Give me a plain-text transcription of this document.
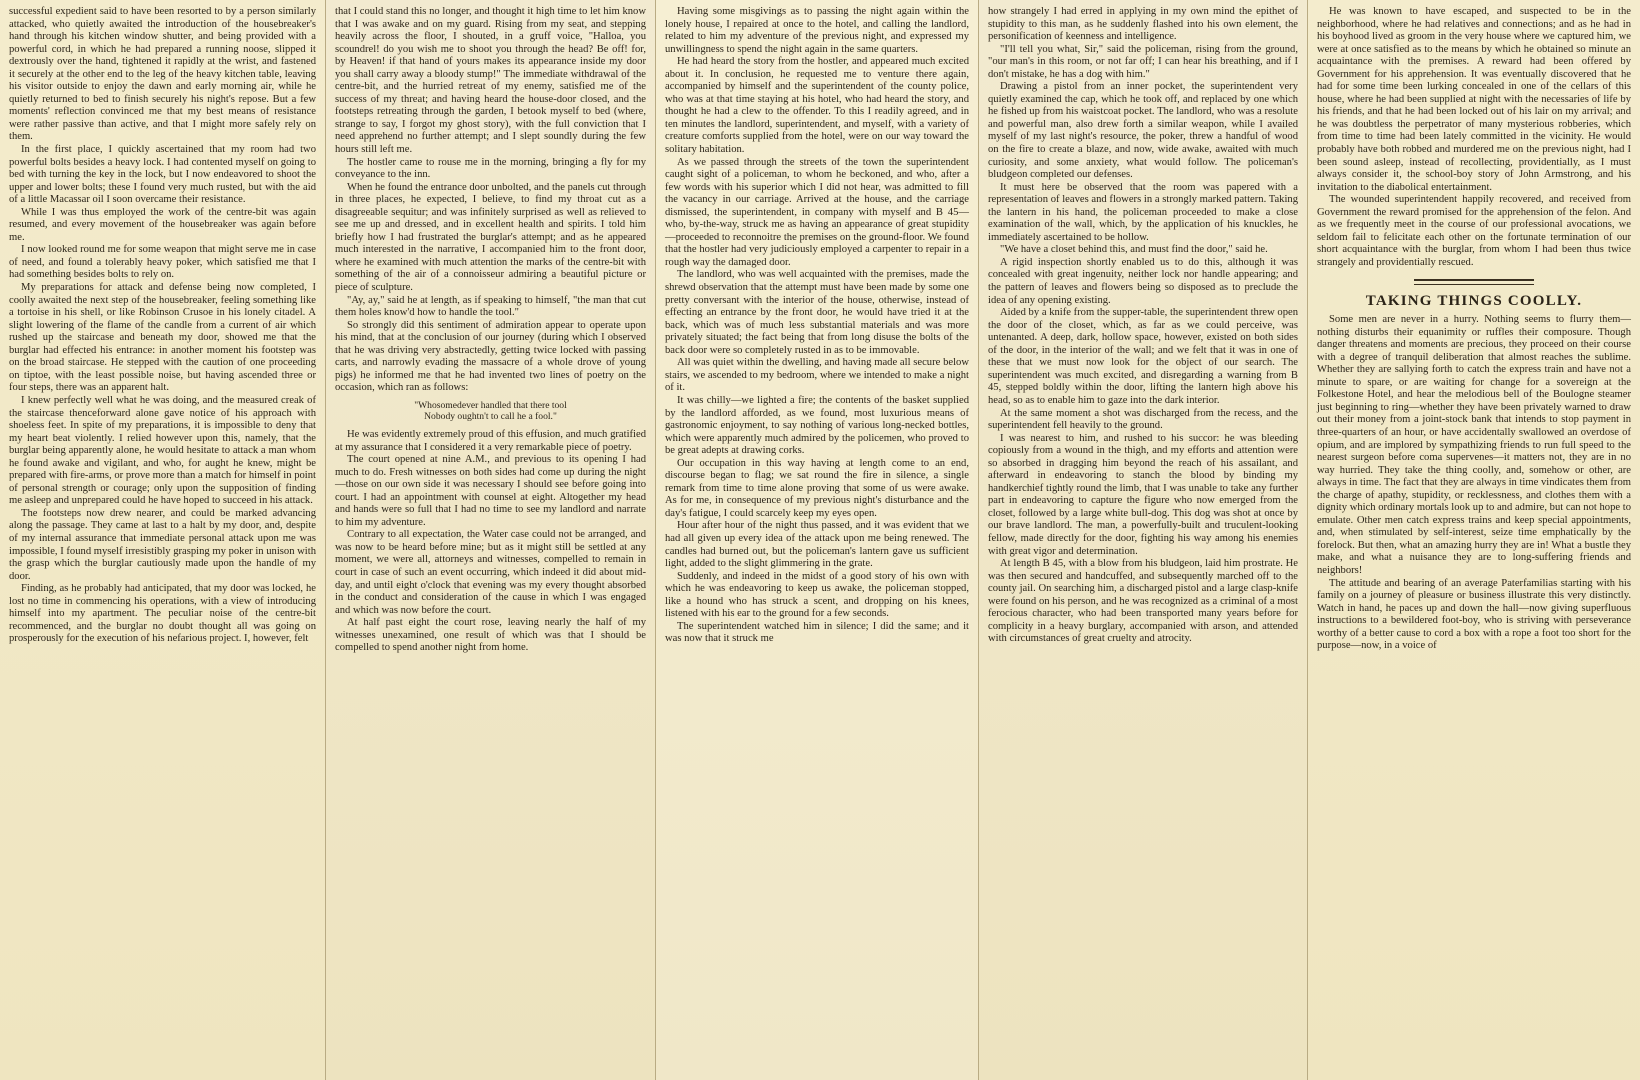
successful expedient said to have been resorted to by a person similarly attacked, who quietly awaited the introduction of the housebreaker's hand through his kitchen window shutter, and being provided with a powerful cord, in which he had prepared a running noose, slipped it dextrously over the hand, tightened it rapidly at the wrist, and fastened it securely at the other end to the leg of the heavy kitchen table, leaving his visitor outside to enjoy the dawn and early morning air, while he quietly returned to bed to finish securely his night's repose. But a few moments' reflection convinced me that my best means of resistance were rather passive than active, and that I might more safely rely on them.

In the first place, I quickly ascertained that my room had two powerful bolts besides a heavy lock. I had contented myself on going to bed with turning the key in the lock, but I now endeavored to shoot the upper and lower bolts; these I found very much rusted, but with the aid of a little Macassar oil I soon overcame their resistance.

While I was thus employed the work of the centre-bit was again resumed, and every movement of the housebreaker was again before me.

I now looked round me for some weapon that might serve me in case of need, and found a tolerably heavy poker, which satisfied me that I had something besides bolts to rely on.

My preparations for attack and defense being now completed, I coolly awaited the next step of the housebreaker, feeling something like a tortoise in his shell, or like Robinson Crusoe in his lonely citadel. A slight lowering of the flame of the candle from a current of air which rushed up the staircase and beneath my door, showed me that the burglar had effected his entrance: in another moment his footstep was on the broad staircase. He stepped with the caution of one proceeding on tiptoe, with the least possible noise, but having ascended three or four steps, there was an apparent halt.

I knew perfectly well what he was doing, and the measured creak of the staircase thenceforward alone gave notice of his approach with shoeless feet. In spite of my preparations, it is impossible to deny that my heart beat violently. I relied however upon this, namely, that the burglar being apparently alone, he would hesitate to attack a man whom he found awake and vigilant, and who, for aught he knew, might be prepared with fire-arms, or prove more than a match for himself in point of personal strength or courage; only upon the supposition of finding me asleep and unprepared could he have hoped to succeed in his attack.

The footsteps now drew nearer, and could be marked advancing along the passage. They came at last to a halt by my door, and, despite of my internal assurance that immediate personal attack upon me was impossible, I found myself irresistibly grasping my poker in unison with the grasp which the burglar cautiously made upon the handle of my door.

Finding, as he probably had anticipated, that my door was locked, he lost no time in commencing his operations, with a view of introducing himself into my apartment. The peculiar noise of the centre-bit recommenced, and the burglar no doubt thought all was going on prosperously for the execution of his nefarious project. I, however, felt

that I could stand this no longer, and thought it high time to let him know that I was awake and on my guard. Rising from my seat, and stepping heavily across the floor, I shouted, in a gruff voice, "Halloa, you scoundrel! do you wish me to shoot you through the head? Be off! for, by Heaven! if that hand of yours makes its appearance inside my door you shall carry away a bloody stump!" The immediate withdrawal of the centre-bit, and the hurried retreat of my enemy, satisfied me of the success of my threat; and having heard the house-door closed, and the footsteps retreating through the garden, I betook myself to bed (where, strange to say, I forgot my ghost story), with the full conviction that I need apprehend no further attempt; and I slept soundly during the few hours still left me.

The hostler came to rouse me in the morning, bringing a fly for my conveyance to the inn.

When he found the entrance door unbolted, and the panels cut through in three places, he expected, I believe, to find my throat cut as a disagreeable sequitur; and was infinitely surprised as well as relieved to see me up and dressed, and in excellent health and spirits. I told him briefly how I had frustrated the burglar's attempt; and as he appeared much interested in the narrative, I accompanied him to the front door, where he examined with much attention the marks of the centre-bit with something of the air of a connoisseur admiring a beautiful picture or piece of sculpture.

"Ay, ay," said he at length, as if speaking to himself, "the man that cut them holes know'd how to handle the tool."

So strongly did this sentiment of admiration appear to operate upon his mind, that at the conclusion of our journey (during which I observed that he was driving very abstractedly, getting twice locked with passing carts, and narrowly evading the massacre of a whole drove of young pigs) he informed me that he had invented two lines of poetry on the occasion, which ran as follows:

"Whosomedever handled that there tool
Nobody oughtn't to call he a fool."

He was evidently extremely proud of this effusion, and much gratified at my assurance that I considered it a very remarkable piece of poetry.

The court opened at nine A.M., and previous to its opening I had much to do. Fresh witnesses on both sides had come up during the night—those on our own side it was necessary I should see before going into court. I had an appointment with counsel at eight. Altogether my head and hands were so full that I had no time to see my landlord and narrate to him my adventure.

Contrary to all expectation, the Water case could not be arranged, and was now to be heard before mine; but as it might still be settled at any moment, we were all, attorneys and witnesses, compelled to remain in court in case of such an event occurring, which indeed it did about mid-day, and until eight o'clock that evening was my every thought absorbed in the conduct and consideration of the cause in which I was engaged and which was now before the court.

At half past eight the court rose, leaving nearly the half of my witnesses unexamined, one result of which was that I should be compelled to spend another night from home.

Having some misgivings as to passing the night again within the lonely house, I repaired at once to the hotel, and calling the landlord, related to him my adventure of the previous night, and expressed my unwillingness to spend the night again in the same quarters.

He had heard the story from the hostler, and appeared much excited about it. In conclusion, he requested me to venture there again, accompanied by himself and the superintendent of the county police, who was at that time staying at his hotel, who had heard the story, and thought he had a clew to the offender. To this I readily agreed, and in ten minutes the landlord, superintendent, and myself, with a variety of creature comforts supplied from the hotel, were on our way toward the solitary habitation.

As we passed through the streets of the town the superintendent caught sight of a policeman, to whom he beckoned, and who, after a few words with his superior which I did not hear, was admitted to fill the vacancy in our carriage. Arrived at the house, and the carriage dismissed, the superintendent, in company with myself and B 45—who, by-the-way, struck me as having an appearance of great stupidity—proceeded to reconnoitre the premises on the ground-floor. We found that the hostler had very judiciously employed a carpenter to repair in a rough way the damaged door.

The landlord, who was well acquainted with the premises, made the shrewd observation that the attempt must have been made by some one pretty conversant with the interior of the house, otherwise, instead of effecting an entrance by the front door, he would have tried it at the back, which was of much less substantial materials and was more privately situated; the fact being that from long disuse the bolts of the back door were so completely rusted in as to be immovable.

All was quiet within the dwelling, and having made all secure below stairs, we ascended to my bedroom, where we intended to make a night of it.

It was chilly—we lighted a fire; the contents of the basket supplied by the landlord afforded, as we found, most luxurious means of gastronomic enjoyment, to say nothing of various long-necked bottles, which were apparently much admired by the policemen, who proved to be great adepts at drawing corks.

Our occupation in this way having at length come to an end, discourse began to flag; we sat round the fire in silence, a single remark from time to time alone proving that some of us were awake. As for me, in consequence of my previous night's disturbance and the day's fatigue, I could scarcely keep my eyes open.

Hour after hour of the night thus passed, and it was evident that we had all given up every idea of the attack upon me being renewed. The candles had burned out, but the policeman's lantern gave us sufficient light, added to the slight glimmering in the grate.

Suddenly, and indeed in the midst of a good story of his own with which he was endeavoring to keep us awake, the policeman stopped, like a hound who has struck a scent, and dropping on his knees, listened with his ear to the ground for a few seconds.

The superintendent watched him in silence; I did the same; and it was now that it struck me

how strangely I had erred in applying in my own mind the epithet of stupidity to this man, as he suddenly flashed into his own element, the personification of keenness and intelligence.

"I'll tell you what, Sir," said the policeman, rising from the ground, "our man's in this room, or not far off; I can hear his breathing, and if I don't mistake, he has a dog with him."

Drawing a pistol from an inner pocket, the superintendent very quietly examined the cap, which he took off, and replaced by one which he fished up from his waistcoat pocket. The landlord, who was a resolute and powerful man, also drew forth a similar weapon, while I availed myself of my last night's resource, the poker, threw a handful of wood on the fire to create a blaze, and now, wide awake, awaited with much curiosity, and some anxiety, what would follow. The policeman's bludgeon completed our defenses.

It must here be observed that the room was papered with a representation of leaves and flowers in a strongly marked pattern. Taking the lantern in his hand, the policeman proceeded to make a close examination of the wall, which, by the application of his knuckles, he immediately ascertained to be hollow.

"We have a closet behind this, and must find the door," said he.

A rigid inspection shortly enabled us to do this, although it was concealed with great ingenuity, neither lock nor handle appearing; and the pattern of leaves and flowers being so disposed as to preclude the idea of any opening existing.

Aided by a knife from the supper-table, the superintendent threw open the door of the closet, which, as far as we could perceive, was untenanted. A deep, dark, hollow space, however, existed on both sides of the door, in the interior of the wall; and we felt that it was in one of these that we must now look for the object of our search. The superintendent was much excited, and disregarding a warning from B 45, stepped boldly within the door, lifting the lantern high above his head, so as to enable him to gaze into the dark interior.

At the same moment a shot was discharged from the recess, and the superintendent fell heavily to the ground.

I was nearest to him, and rushed to his succor: he was bleeding copiously from a wound in the thigh, and my efforts and attention were so absorbed in dragging him beyond the reach of his assailant, and afterward in endeavoring to stanch the blood by binding my handkerchief tightly round the limb, that I was unable to take any further part in endeavoring to capture the figure who now emerged from the closet, followed by a large white bull-dog. This dog was shot at once by our brave landlord. The man, a powerfully-built and truculent-looking fellow, made directly for the door, fighting his way among his enemies with great vigor and determination.

At length B 45, with a blow from his bludgeon, laid him prostrate. He was then secured and handcuffed, and subsequently marched off to the county jail. On searching him, a discharged pistol and a large clasp-knife were found on his person, and he was recognized as a criminal of a most ferocious character, who had been transported many years before for complicity in a heavy burglary, accompanied with arson, and attended with circumstances of great cruelty and atrocity.

He was known to have escaped, and suspected to be in the neighborhood, where he had relatives and connections; and as he had in his boyhood lived as groom in the very house where we captured him, we were at once satisfied as to the means by which he obtained so minute an acquaintance with the premises. A reward had been offered by Government for his apprehension. It was eventually discovered that he had for some time been lurking concealed in one of the cellars of this house, where he had been supplied at night with the necessaries of life by his friends, and that he had been locked out of his lair on my arrival; and he was doubtless the perpetrator of many mysterious robberies, which from time to time had been lately committed in the vicinity. He would probably have both robbed and murdered me on the previous night, had I been sound asleep, instead of recollecting, providentially, as I must always consider it, the school-boy story of John Armstrong, and his invitation to the diabolical entertainment.

The wounded superintendent happily recovered, and received from Government the reward promised for the apprehension of the felon. And as we frequently meet in the course of our professional avocations, we seldom fail to felicitate each other on the fortunate termination of our short acquaintance with the burglar, from whom I had been thus twice strangely and providentially rescued.

TAKING THINGS COOLLY.

Some men are never in a hurry. Nothing seems to flurry them—nothing disturbs their equanimity or ruffles their composure. Though danger threatens and moments are precious, they proceed on their course with a degree of tranquil deliberation that almost reaches the sublime. Whether they are sallying forth to catch the express train and have not a minute to spare, or are waiting for change for a sovereign at the Folkestone Hotel, and hear the melodious bell of the Boulogne steamer just beginning to ring—whether they have been privately warned to draw out their money from a joint-stock bank that intends to stop payment in three-quarters of an hour, or have accidentally swallowed an overdose of opium, and are implored by sympathizing friends to run full speed to the nearest surgeon before coma supervenes—it matters not, they are in no way hurried. They take the thing coolly, and, somehow or other, are always in time. The fact that they are always in time vindicates them from the charge of apathy, stupidity, or recklessness, and clothes them with a dignity which ordinary mortals look up to and admire, but can not hope to emulate. Other men catch express trains and keep special appointments, and, when stimulated by self-interest, seize time emphatically by the forelock. But then, what an amazing hurry they are in! What a bustle they make, and what a nuisance they are to long-suffering friends and neighbors!

The attitude and bearing of an average Paterfamilias starting with his family on a journey of pleasure or business illustrate this very distinctly. Watch in hand, he paces up and down the hall—now giving superfluous instructions to a bewildered foot-boy, who is striving with perseverance worthy of a better cause to cord a box with a rope a foot too short for the purpose—now, in a voice of
